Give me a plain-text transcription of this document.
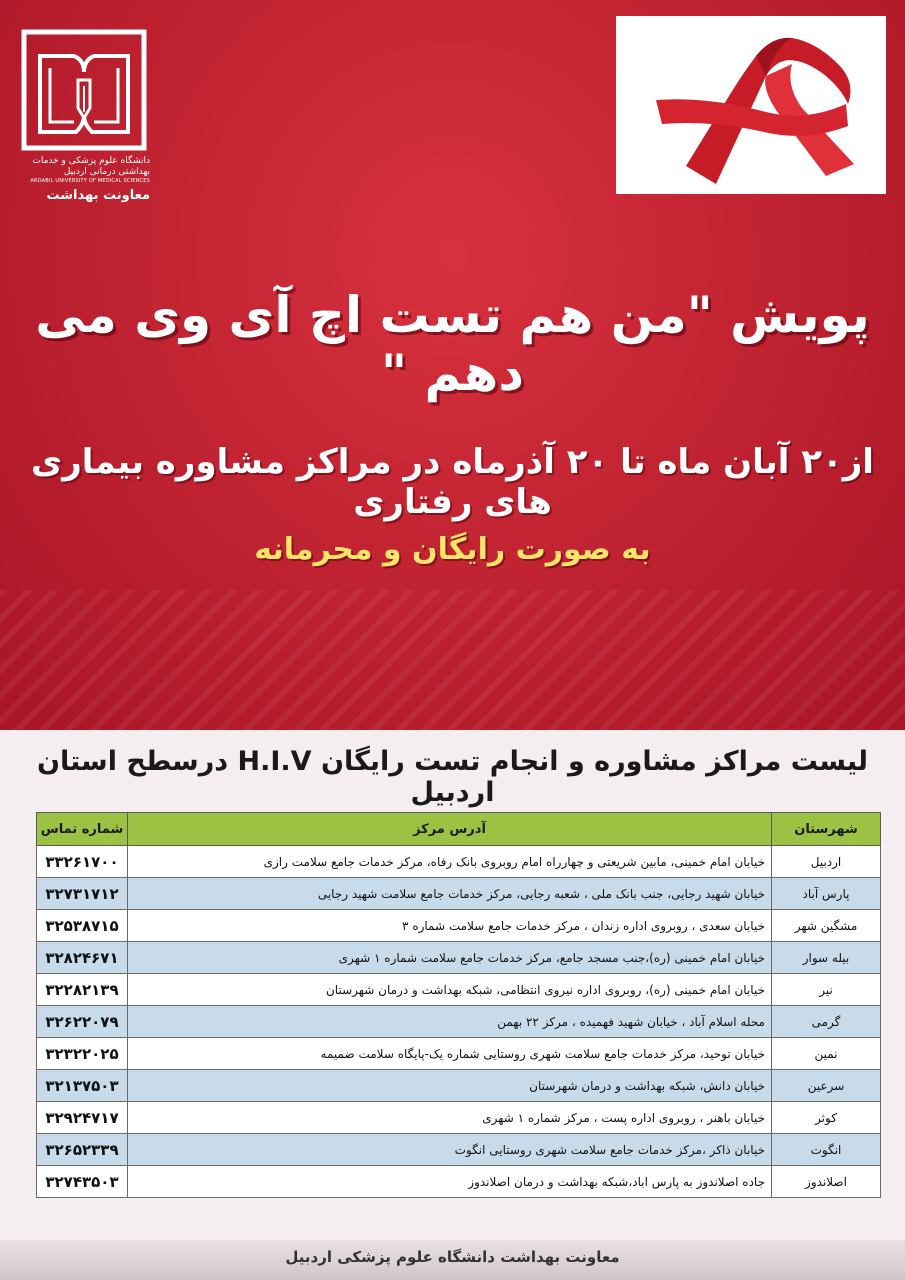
دانشگاه علوم پزشکی و خدمات بهداشتی درمانی اردبیل
ARDABIL UNIVERSITY OF MEDICAL SCIENCES
معاونت بهداشت
پویش "من هم تست اچ آی وی می دهم "
از۲۰ آبان ماه تا ۲۰ آذرماه در مراکز مشاوره بیماری های رفتاری
به صورت رایگان و محرمانه
لیست مراکز مشاوره و انجام تست رایگان H.I.V درسطح استان اردبیل
شهرستان	آدرس مرکز	شماره تماس
اردبیل	خیابان امام خمینی، مابین شریعتی و چهارراه امام روبروی بانک رفاه، مرکز خدمات جامع سلامت رازی	۳۳۲۶۱۷۰۰
پارس آباد	خیابان شهید رجایی، جنب بانک ملی ، شعبه رجایی، مرکز خدمات جامع سلامت شهید رجایی	۳۲۷۳۱۷۱۲
مشگین شهر	خیابان سعدی ، روبروی اداره زندان ، مرکز خدمات جامع سلامت شماره ۳	۳۲۵۳۸۷۱۵
بیله سوار	خیابان امام خمینی (ره)،جنب مسجد جامع، مرکز خدمات جامع سلامت شماره ۱ شهری	۳۲۸۲۴۶۷۱
نیر	خیابان امام خمینی (ره)، روبروی اداره نیروی انتظامی، شبکه بهداشت و درمان شهرستان	۳۲۲۸۲۱۳۹
گرمی	محله اسلام آباد ، خیابان شهید فهمیده ، مرکز ۲۲ بهمن	۳۲۶۲۲۰۷۹
نمین	خیابان توحید، مرکز خدمات جامع سلامت شهری روستایی شماره یک-پایگاه سلامت ضمیمه	۳۲۳۲۲۰۲۵
سرعین	خیابان دانش، شبکه بهداشت و درمان شهرستان	۳۲۱۳۷۵۰۳
کوثر	خیابان باهنر ، روبروی اداره پست ، مرکز شماره ۱ شهری	۳۲۹۲۴۷۱۷
انگوت	خیابان ذاکر ،مرکز خدمات جامع سلامت شهری روستایی انگوت	۳۲۶۵۲۳۳۹
اصلاندوز	جاده اصلاندوز به پارس اباد،شبکه بهداشت و درمان اصلاندوز	۳۲۷۴۳۵۰۳
معاونت بهداشت دانشگاه علوم پزشکی اردبیل
